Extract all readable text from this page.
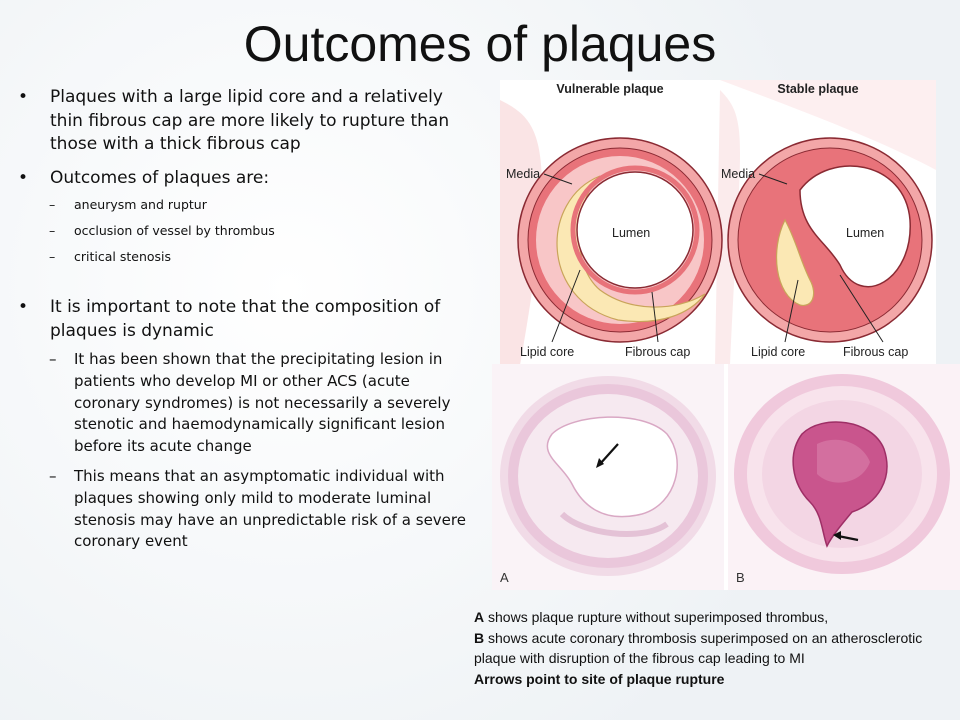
Outcomes of plaques
• Plaques with a large lipid core and a relatively thin fibrous cap are more likely to rupture than those with a thick fibrous cap
• Outcomes of plaques are:
– aneurysm and ruptur
– occlusion of vessel by thrombus
– critical stenosis
• It is important to note that the composition of plaques is dynamic
– It has been shown that the precipitating lesion in patients who develop MI or other ACS (acute coronary syndromes) is not necessarily a severely stenotic and haemodynamically significant lesion before its acute change
– This means that an asymptomatic individual with plaques showing only mild to moderate luminal stenosis may have an unpredictable risk of a severe coronary event
Vulnerable plaque	Stable plaque
Media	Media
Lumen	Lumen
Lipid core	Fibrous cap	Lipid core	Fibrous cap
A	B
A shows plaque rupture without superimposed thrombus,
B shows acute coronary thrombosis superimposed on an atherosclerotic plaque with disruption of the fibrous cap leading to MI
Arrows point to site of plaque rupture
